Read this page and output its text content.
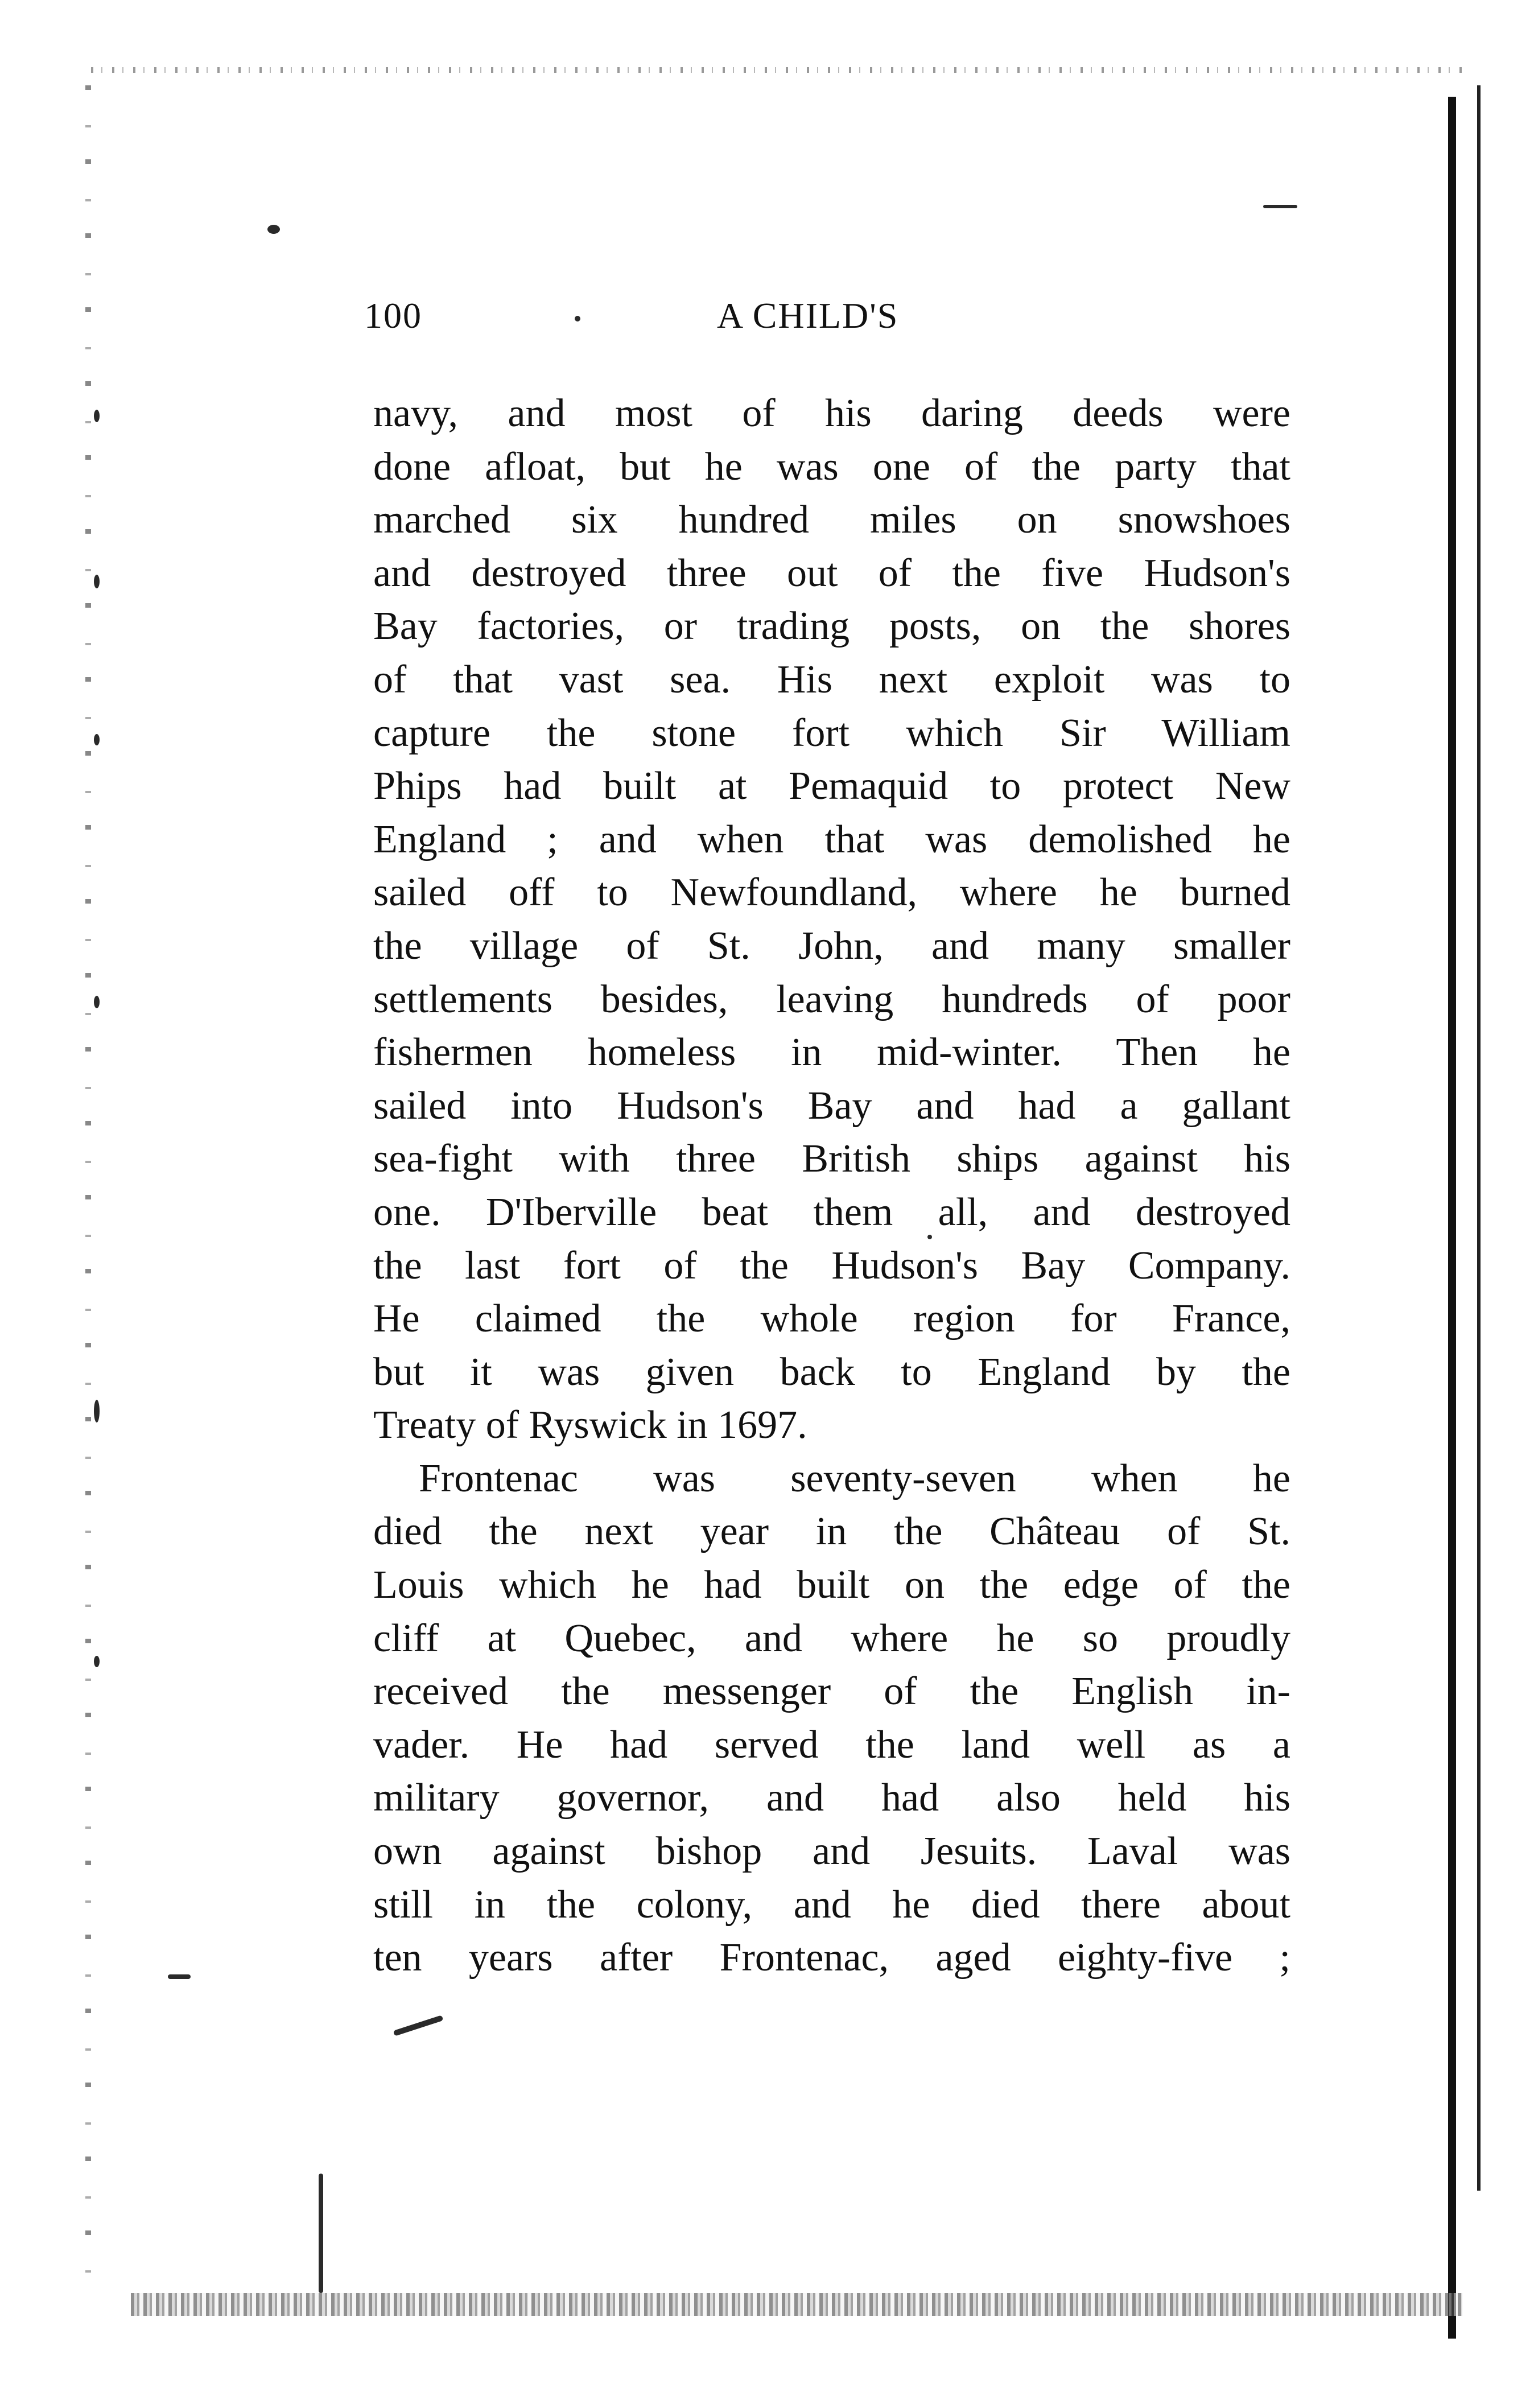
100	A CHILD'S
navy, and most of his daring deeds were
done afloat, but he was one of the party that
marched six hundred miles on snowshoes
and destroyed three out of the five Hudson's
Bay factories, or trading posts, on the shores
of that vast sea. His next exploit was to
capture the stone fort which Sir William
Phips had built at Pemaquid to protect New
England ; and when that was demolished he
sailed off to Newfoundland, where he burned
the village of St. John, and many smaller
settlements besides, leaving hundreds of poor
fishermen homeless in mid-winter. Then he
sailed into Hudson's Bay and had a gallant
sea-fight with three British ships against his
one. D'Iberville beat them all, and destroyed
the last fort of the Hudson's Bay Company.
He claimed the whole region for France,
but it was given back to England by the
Treaty of Ryswick in 1697.
Frontenac was seventy-seven when he
died the next year in the Château of St.
Louis which he had built on the edge of the
cliff at Quebec, and where he so proudly
received the messenger of the English in-
vader. He had served the land well as a
military governor, and had also held his
own against bishop and Jesuits. Laval was
still in the colony, and he died there about
ten years after Frontenac, aged eighty-five ;
